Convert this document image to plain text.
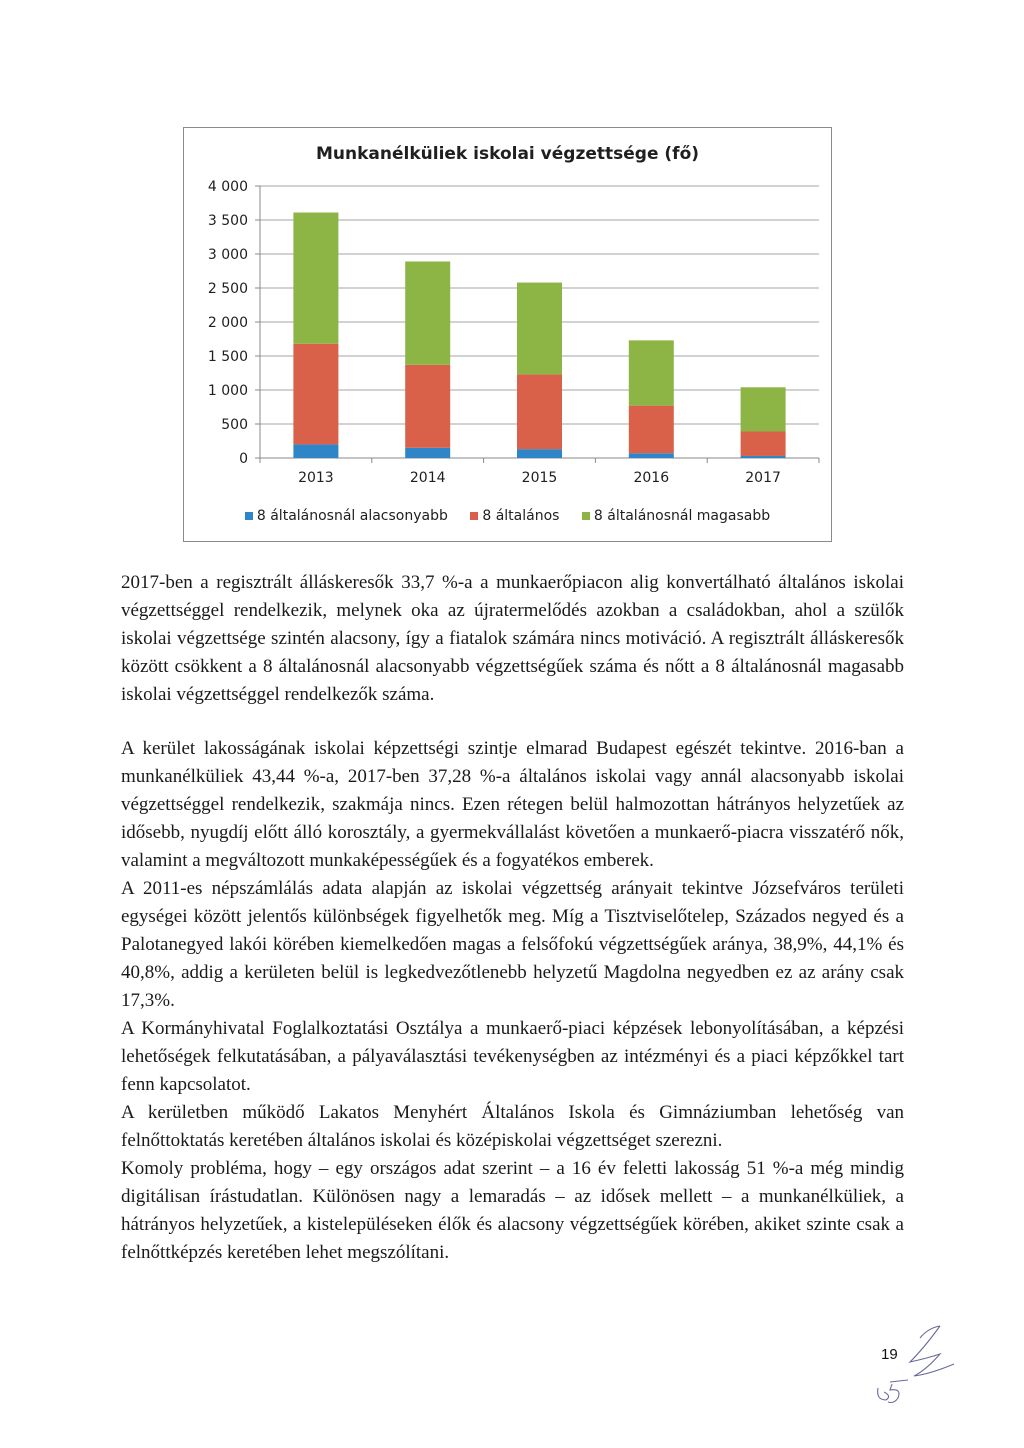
0
500
1 000
1 500
2 000
2 500
3 000
3 500
4 000
2013	2014	2015	2016	2017
Munkanélküliek iskolai végzettsége (fő)
8 általánosnál alacsonyabb 8 általános 8 általánosnál magasabb

2017-ben a regisztrált álláskeresők 33,7 %-a a munkaerőpiacon alig konvertálható általános iskolai végzettséggel rendelkezik, melynek oka az újratermelődés azokban a családokban, ahol a szülők iskolai végzettsége szintén alacsony, így a fiatalok számára nincs motiváció. A regisztrált álláskeresők között csökkent a 8 általánosnál alacsonyabb végzettségűek száma és nőtt a 8 általánosnál magasabb iskolai végzettséggel rendelkezők száma.

A kerület lakosságának iskolai képzettségi szintje elmarad Budapest egészét tekintve. 2016-ban a munkanélküliek 43,44 %-a, 2017-ben 37,28 %-a általános iskolai vagy annál alacsonyabb iskolai végzettséggel rendelkezik, szakmája nincs. Ezen rétegen belül halmozottan hátrányos helyzetűek az idősebb, nyugdíj előtt álló korosztály, a gyermekvállalást követően a munkaerő-piacra visszatérő nők, valamint a megváltozott munkaképességűek és a fogyatékos emberek.

A 2011-es népszámlálás adata alapján az iskolai végzettség arányait tekintve Józsefváros területi egységei között jelentős különbségek figyelhetők meg. Míg a Tisztviselőtelep, Százados negyed és a Palotanegyed lakói körében kiemelkedően magas a felsőfokú végzettségűek aránya, 38,9%, 44,1% és 40,8%, addig a kerületen belül is legkedvezőtlenebb helyzetű Magdolna negyedben ez az arány csak 17,3%.

A Kormányhivatal Foglalkoztatási Osztálya a munkaerő-piaci képzések lebonyolításában, a képzési lehetőségek felkutatásában, a pályaválasztási tevékenységben az intézményi és a piaci képzőkkel tart fenn kapcsolatot.

A kerületben működő Lakatos Menyhért Általános Iskola és Gimnáziumban lehetőség van felnőttoktatás keretében általános iskolai és középiskolai végzettséget szerezni.

Komoly probléma, hogy – egy országos adat szerint – a 16 év feletti lakosság 51 %-a még mindig digitálisan írástudatlan. Különösen nagy a lemaradás – az idősek mellett – a munkanélküliek, a hátrányos helyzetűek, a kistelepüléseken élők és alacsony végzettségűek körében, akiket szinte csak a felnőttképzés keretében lehet megszólítani.

19
